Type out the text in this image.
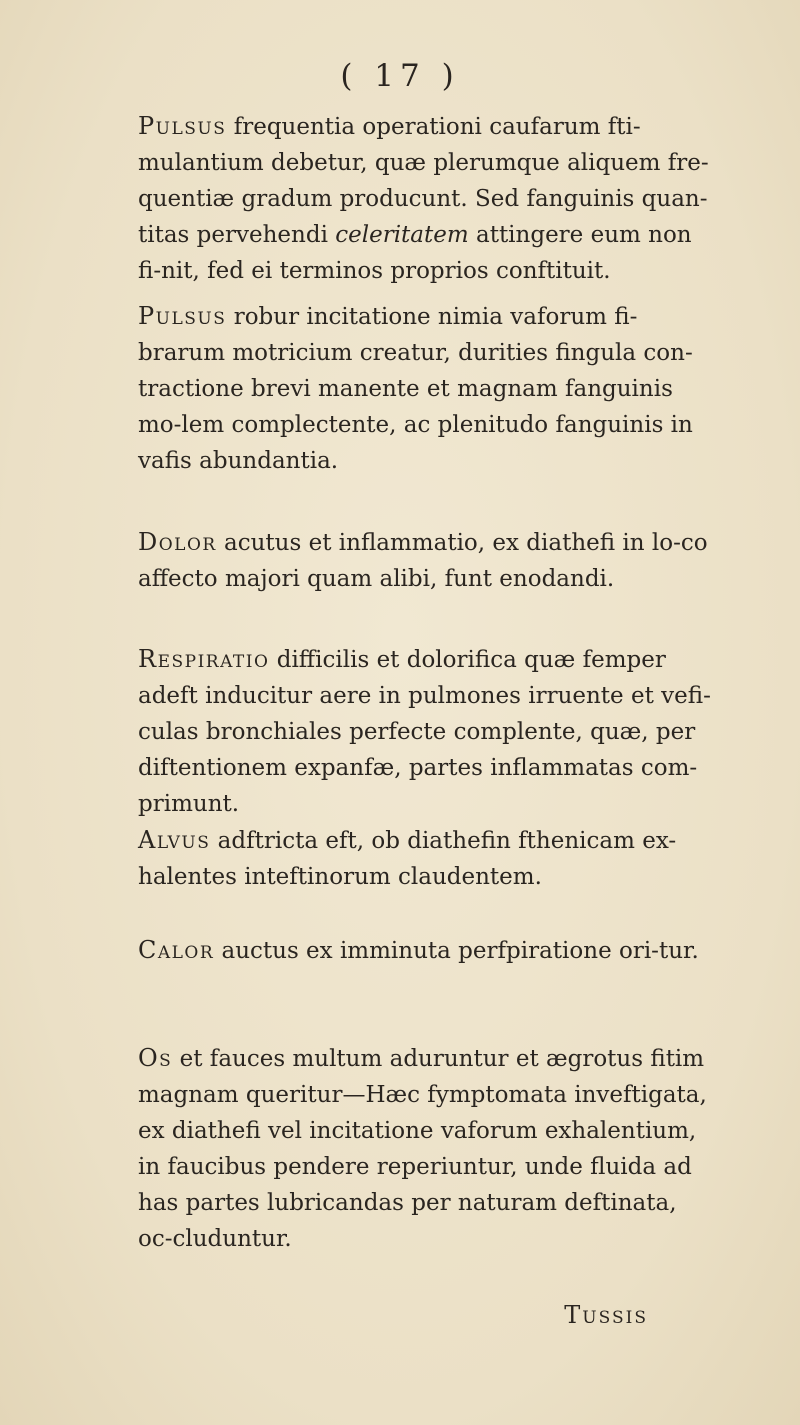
( 17 )

Pulsus frequentia operationi caufarum fti-mulantium debetur, quæ plerumque aliquem fre-quentiæ gradum producunt. Sed fanguinis quan-titas pervehendi celeritatem attingere eum non fi-nit, fed ei terminos proprios conftituit.

Pulsus robur incitatione nimia vaforum fi-brarum motricium creatur, durities fingula con-tractione brevi manente et magnam fanguinis mo-lem complectente, ac plenitudo fanguinis in vafis abundantia.

Dolor acutus et inflammatio, ex diathefi in lo-co affecto majori quam alibi, funt enodandi.

Respiratio difficilis et dolorifica quæ femper adeft inducitur aere in pulmones irruente et vefi-culas bronchiales perfecte complente, quæ, per diftentionem expanfæ, partes inflammatas com-primunt.

Alvus adftricta eft, ob diathefin fthenicam ex-halentes inteftinorum claudentem.

Calor auctus ex imminuta perfpiratione ori-tur.

Os et fauces multum aduruntur et ægrotus fitim magnam queritur—Hæc fymptomata inveftigata, ex diathefi vel incitatione vaforum exhalentium, in faucibus pendere reperiuntur, unde fluida ad has partes lubricandas per naturam deftinata, oc-cluduntur.

Tussis
